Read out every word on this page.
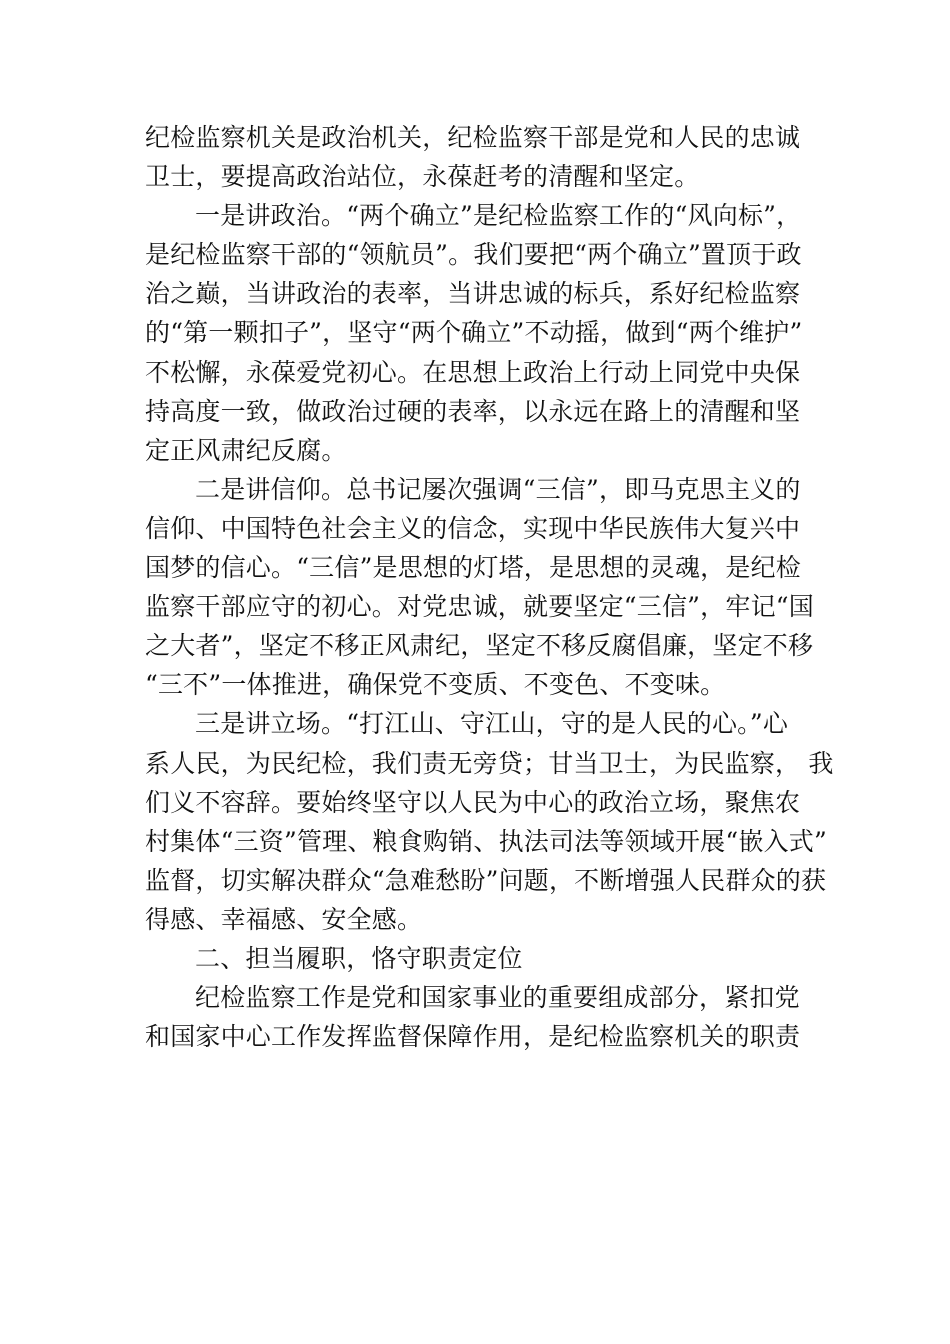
纪检监察机关是政治机关，纪检监察干部是党和人民的忠诚
卫士，要提高政治站位，永葆赶考的清醒和坚定。

一是讲政治。“两个确立”是纪检监察工作的“风向标”，
是纪检监察干部的“领航员”。我们要把“两个确立”置顶于政
治之巅，当讲政治的表率，当讲忠诚的标兵，系好纪检监察
的“第一颗扣子”，坚守“两个确立”不动摇，做到“两个维护”
不松懈，永葆爱党初心。在思想上政治上行动上同党中央保
持高度一致，做政治过硬的表率，以永远在路上的清醒和坚
定正风肃纪反腐。

二是讲信仰。总书记屡次强调“三信”，即马克思主义的
信仰、中国特色社会主义的信念，实现中华民族伟大复兴中
国梦的信心。“三信”是思想的灯塔，是思想的灵魂，是纪检
监察干部应守的初心。对党忠诚，就要坚定“三信”，牢记“国
之大者”，坚定不移正风肃纪，坚定不移反腐倡廉，坚定不移
“三不”一体推进，确保党不变质、不变色、不变味。

三是讲立场。“打江山、守江山，守的是人民的心。”心
系人民，为民纪检，我们责无旁贷；甘当卫士，为民监察， 我
们义不容辞。要始终坚守以人民为中心的政治立场，聚焦农
村集体“三资”管理、粮食购销、执法司法等领域开展“嵌入式”
监督，切实解决群众“急难愁盼”问题，不断增强人民群众的获
得感、幸福感、安全感。

二、担当履职，恪守职责定位

纪检监察工作是党和国家事业的重要组成部分，紧扣党
和国家中心工作发挥监督保障作用，是纪检监察机关的职责
